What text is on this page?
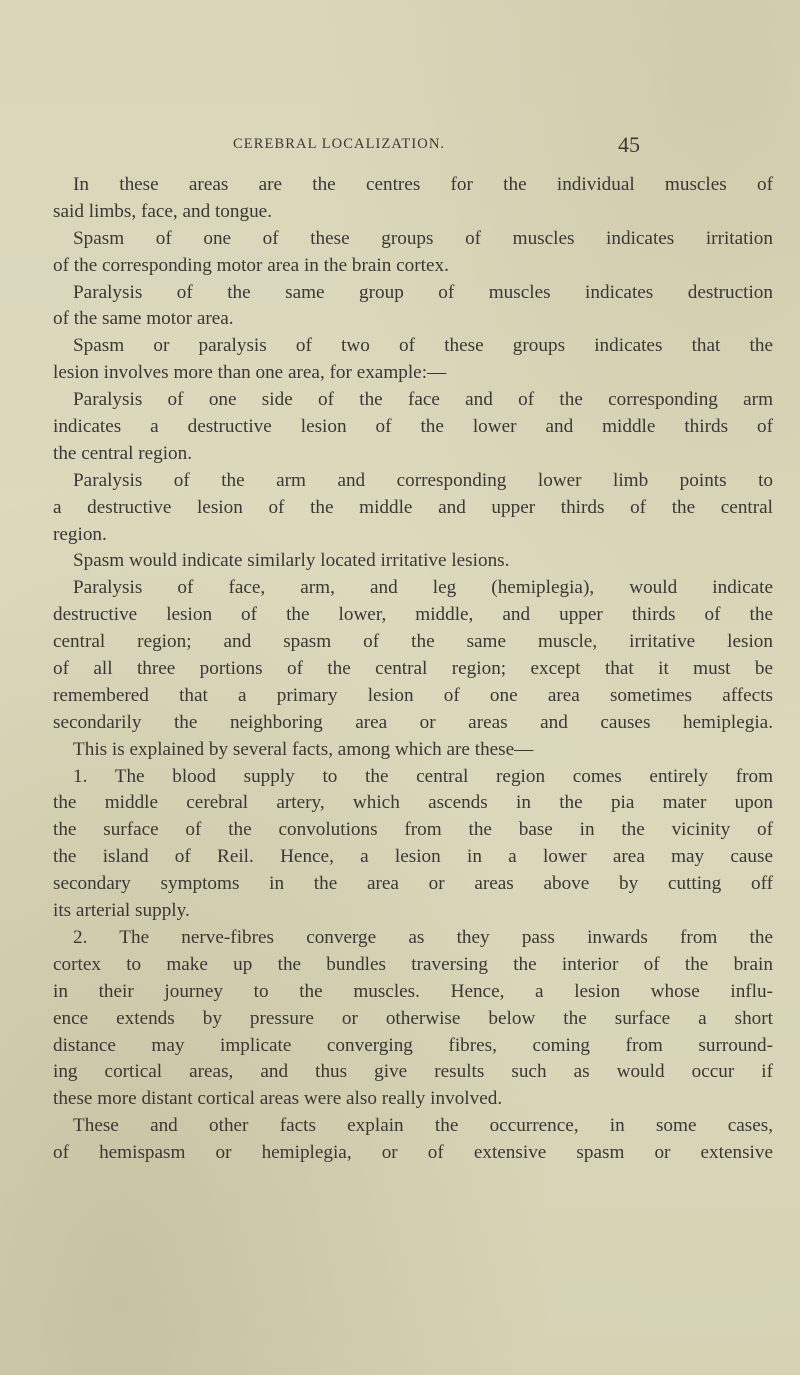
CEREBRAL LOCALIZATION.	45
In these areas are the centres for the individual muscles of
said limbs, face, and tongue.
Spasm of one of these groups of muscles indicates irritation
of the corresponding motor area in the brain cortex.
Paralysis of the same group of muscles indicates destruction
of the same motor area.
Spasm or paralysis of two of these groups indicates that the
lesion involves more than one area, for example:—
Paralysis of one side of the face and of the corresponding arm
indicates a destructive lesion of the lower and middle thirds of
the central region.
Paralysis of the arm and corresponding lower limb points to
a destructive lesion of the middle and upper thirds of the central
region.
Spasm would indicate similarly located irritative lesions.
Paralysis of face, arm, and leg (hemiplegia), would indicate
destructive lesion of the lower, middle, and upper thirds of the
central region; and spasm of the same muscle, irritative lesion
of all three portions of the central region; except that it must be
remembered that a primary lesion of one area sometimes affects
secondarily the neighboring area or areas and causes hemiplegia.
This is explained by several facts, among which are these—
1. The blood supply to the central region comes entirely from
the middle cerebral artery, which ascends in the pia mater upon
the surface of the convolutions from the base in the vicinity of
the island of Reil. Hence, a lesion in a lower area may cause
secondary symptoms in the area or areas above by cutting off
its arterial supply.
2. The nerve-fibres converge as they pass inwards from the
cortex to make up the bundles traversing the interior of the brain
in their journey to the muscles. Hence, a lesion whose influ-
ence extends by pressure or otherwise below the surface a short
distance may implicate converging fibres, coming from surround-
ing cortical areas, and thus give results such as would occur if
these more distant cortical areas were also really involved.
These and other facts explain the occurrence, in some cases,
of hemispasm or hemiplegia, or of extensive spasm or extensive
